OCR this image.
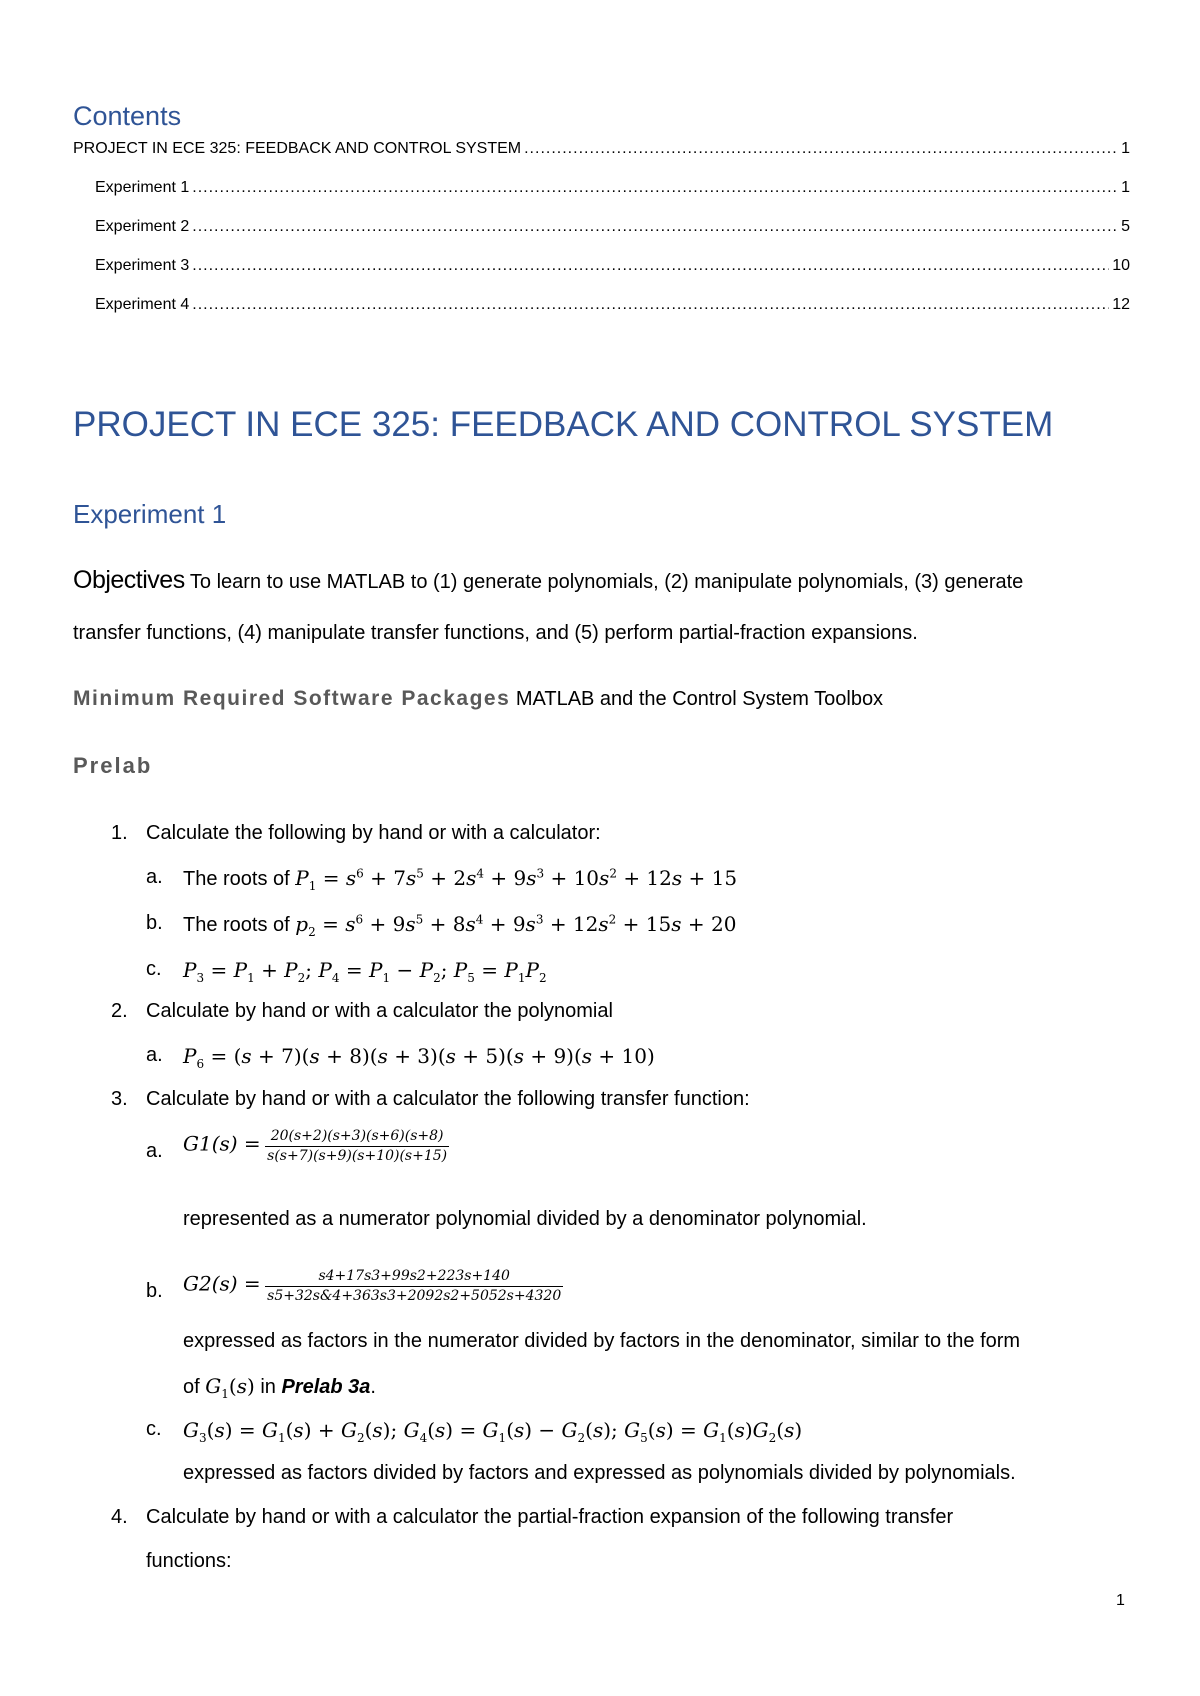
Contents
PROJECT IN ECE 325: FEEDBACK AND CONTROL SYSTEM .....	1
Experiment 1 .....	1
Experiment 2 .....	5
Experiment 3 .....	10
Experiment 4 .....	12
PROJECT IN ECE 325: FEEDBACK AND CONTROL SYSTEM
Experiment 1
Objectives To learn to use MATLAB to (1) generate polynomials, (2) manipulate polynomials, (3) generate
transfer functions, (4) manipulate transfer functions, and (5) perform partial-fraction expansions.
Minimum Required Software Packages MATLAB and the Control System Toolbox
Prelab
1. Calculate the following by hand or with a calculator:
a. The roots of $P_1 = s^6 + 7s^5 + 2s^4 + 9s^3 + 10s^2 + 12s + 15$
b. The roots of $p_2 = s^6 + 9s^5 + 8s^4 + 9s^3 + 12s^2 + 15s + 20$
c. $P_3 = P_1 + P_2$; $P_4 = P_1 - P_2$; $P_5 = P_1P_2$
2. Calculate by hand or with a calculator the polynomial
a. $P_6 = (s + 7)(s + 8)(s + 3)(s + 5)(s + 9)(s + 10)$
3. Calculate by hand or with a calculator the following transfer function:
a. $G1(s) = \frac{20(s+2)(s+3)(s+6)(s+8)}{s(s+7)(s+9)(s+10)(s+15)}$
represented as a numerator polynomial divided by a denominator polynomial.
b. $G2(s) = \frac{s4+17s3+99s2+223s+140}{s5+32s\&4+363s3+2092s2+5052s+4320}$
expressed as factors in the numerator divided by factors in the denominator, similar to the form
of $G_1(s)$ in Prelab 3a.
c. $G_3(s) = G_1(s) + G_2(s)$; $G_4(s) = G_1(s) - G_2(s)$; $G_5(s) = G_1(s)G_2(s)$
expressed as factors divided by factors and expressed as polynomials divided by polynomials.
4. Calculate by hand or with a calculator the partial-fraction expansion of the following transfer
functions:
1
